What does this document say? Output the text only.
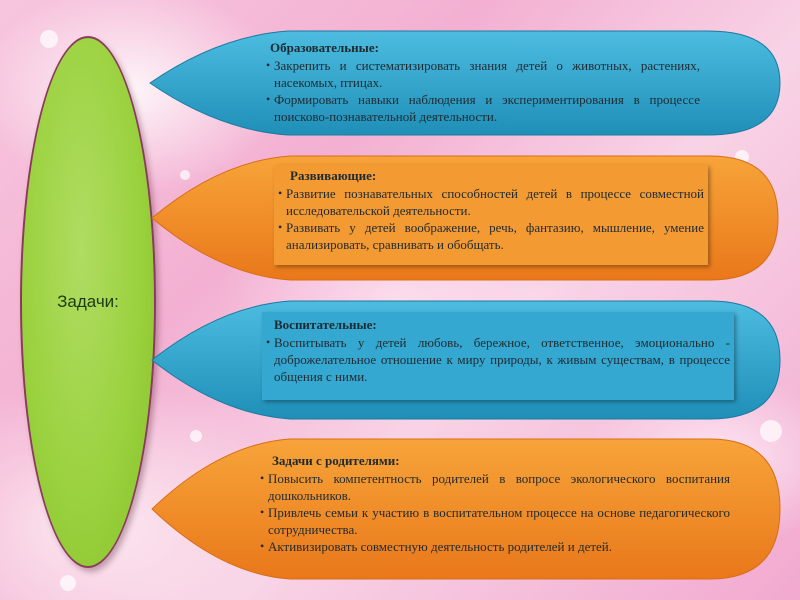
Задачи:
Образовательные:
• Закрепить и систематизировать знания детей о животных, растениях, насекомых, птицах.
• Формировать навыки наблюдения и экспериментирования в процессе поисково-познавательной деятельности.
Развивающие:
• Развитие познавательных способностей детей в процессе совместной исследовательской деятельности.
• Развивать у детей воображение, речь, фантазию, мышление, умение анализировать, сравнивать и обобщать.
Воспитательные:
• Воспитывать у детей любовь, бережное, ответственное, эмоционально - доброжелательное отношение к миру природы, к живым существам, в процессе общения с ними.
Задачи с родителями:
• Повысить компетентность родителей в вопросе экологического воспитания дошкольников.
• Привлечь семьи к участию в воспитательном процессе на основе педагогического сотрудничества.
• Активизировать совместную деятельность родителей и детей.
